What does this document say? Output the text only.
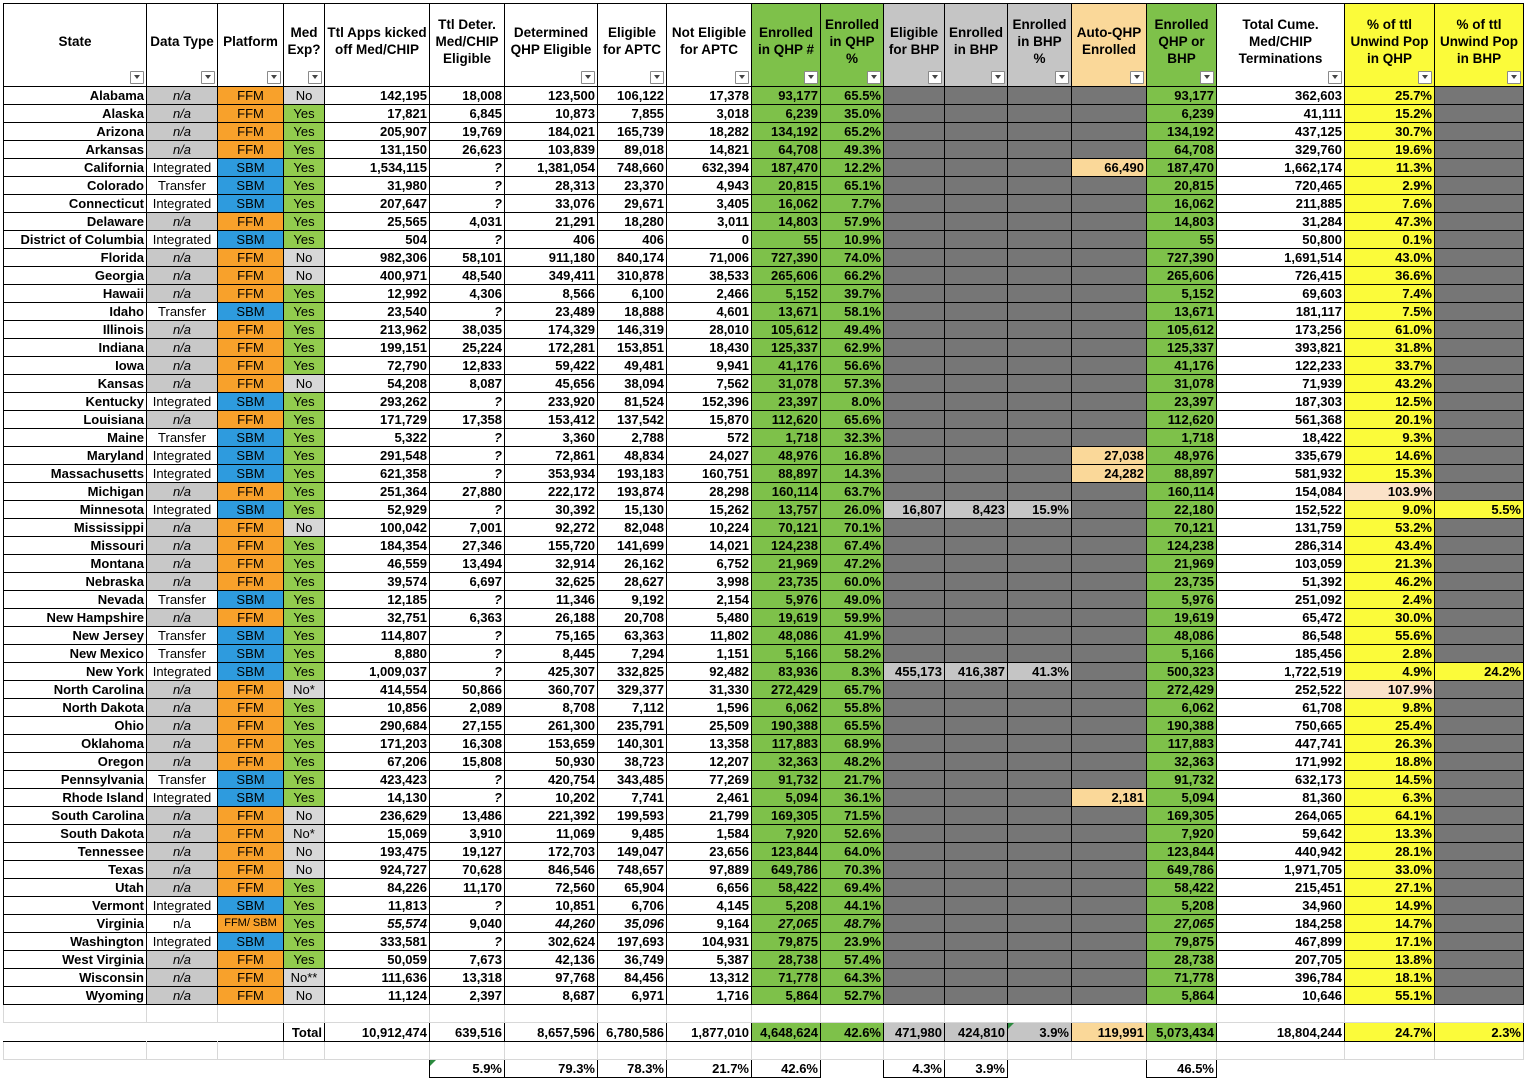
State	Data Type	Platform	Med Exp?	Ttl Apps kicked off Med/CHIP	Ttl Deter. Med/CHIP Eligible	Determined QHP Eligible	Eligible for APTC	Not Eligible for APTC	Enrolled in QHP #	Enrolled in QHP %	Eligible for BHP	Enrolled in BHP	Enrolled in BHP %	Auto-QHP Enrolled	Enrolled QHP or BHP	Total Cume. Med/CHIP Terminations	% of ttl Unwind Pop in QHP	% of ttl Unwind Pop in BHP

Alabama	n/a	FFM	No	142,195	18,008	123,500	106,122	17,378	93,177	65.5%					93,177	362,603	25.7%	
Alaska	n/a	FFM	Yes	17,821	6,845	10,873	7,855	3,018	6,239	35.0%					6,239	41,111	15.2%	
Arizona	n/a	FFM	Yes	205,907	19,769	184,021	165,739	18,282	134,192	65.2%					134,192	437,125	30.7%	
Arkansas	n/a	FFM	Yes	131,150	26,623	103,839	89,018	14,821	64,708	49.3%					64,708	329,760	19.6%	
California	Integrated	SBM	Yes	1,534,115	?	1,381,054	748,660	632,394	187,470	12.2%				66,490	187,470	1,662,174	11.3%	
Colorado	Transfer	SBM	Yes	31,980	?	28,313	23,370	4,943	20,815	65.1%					20,815	720,465	2.9%	
Connecticut	Integrated	SBM	Yes	207,647	?	33,076	29,671	3,405	16,062	7.7%					16,062	211,885	7.6%	
Delaware	n/a	FFM	Yes	25,565	4,031	21,291	18,280	3,011	14,803	57.9%					14,803	31,284	47.3%	
District of Columbia	Integrated	SBM	Yes	504	?	406	406	0	55	10.9%					55	50,800	0.1%	
Florida	n/a	FFM	No	982,306	58,101	911,180	840,174	71,006	727,390	74.0%					727,390	1,691,514	43.0%	
Georgia	n/a	FFM	No	400,971	48,540	349,411	310,878	38,533	265,606	66.2%					265,606	726,415	36.6%	
Hawaii	n/a	FFM	Yes	12,992	4,306	8,566	6,100	2,466	5,152	39.7%					5,152	69,603	7.4%	
Idaho	Transfer	SBM	Yes	23,540	?	23,489	18,888	4,601	13,671	58.1%					13,671	181,117	7.5%	
Illinois	n/a	FFM	Yes	213,962	38,035	174,329	146,319	28,010	105,612	49.4%					105,612	173,256	61.0%	
Indiana	n/a	FFM	Yes	199,151	25,224	172,281	153,851	18,430	125,337	62.9%					125,337	393,821	31.8%	
Iowa	n/a	FFM	Yes	72,790	12,833	59,422	49,481	9,941	41,176	56.6%					41,176	122,233	33.7%	
Kansas	n/a	FFM	No	54,208	8,087	45,656	38,094	7,562	31,078	57.3%					31,078	71,939	43.2%	
Kentucky	Integrated	SBM	Yes	293,262	?	233,920	81,524	152,396	23,397	8.0%					23,397	187,303	12.5%	
Louisiana	n/a	FFM	Yes	171,729	17,358	153,412	137,542	15,870	112,620	65.6%					112,620	561,368	20.1%	
Maine	Transfer	SBM	Yes	5,322	?	3,360	2,788	572	1,718	32.3%					1,718	18,422	9.3%	
Maryland	Integrated	SBM	Yes	291,548	?	72,861	48,834	24,027	48,976	16.8%				27,038	48,976	335,679	14.6%	
Massachusetts	Integrated	SBM	Yes	621,358	?	353,934	193,183	160,751	88,897	14.3%				24,282	88,897	581,932	15.3%	
Michigan	n/a	FFM	Yes	251,364	27,880	222,172	193,874	28,298	160,114	63.7%					160,114	154,084	103.9%	
Minnesota	Integrated	SBM	Yes	52,929	?	30,392	15,130	15,262	13,757	26.0%	16,807	8,423	15.9%		22,180	152,522	9.0%	5.5%
Mississippi	n/a	FFM	No	100,042	7,001	92,272	82,048	10,224	70,121	70.1%					70,121	131,759	53.2%	
Missouri	n/a	FFM	Yes	184,354	27,346	155,720	141,699	14,021	124,238	67.4%					124,238	286,314	43.4%	
Montana	n/a	FFM	Yes	46,559	13,494	32,914	26,162	6,752	21,969	47.2%					21,969	103,059	21.3%	
Nebraska	n/a	FFM	Yes	39,574	6,697	32,625	28,627	3,998	23,735	60.0%					23,735	51,392	46.2%	
Nevada	Transfer	SBM	Yes	12,185	?	11,346	9,192	2,154	5,976	49.0%					5,976	251,092	2.4%	
New Hampshire	n/a	FFM	Yes	32,751	6,363	26,188	20,708	5,480	19,619	59.9%					19,619	65,472	30.0%	
New Jersey	Transfer	SBM	Yes	114,807	?	75,165	63,363	11,802	48,086	41.9%					48,086	86,548	55.6%	
New Mexico	Transfer	SBM	Yes	8,880	?	8,445	7,294	1,151	5,166	58.2%					5,166	185,456	2.8%	
New York	Integrated	SBM	Yes	1,009,037	?	425,307	332,825	92,482	83,936	8.3%	455,173	416,387	41.3%		500,323	1,722,519	4.9%	24.2%
North Carolina	n/a	FFM	No*	414,554	50,866	360,707	329,377	31,330	272,429	65.7%					272,429	252,522	107.9%	
North Dakota	n/a	FFM	Yes	10,856	2,089	8,708	7,112	1,596	6,062	55.8%					6,062	61,708	9.8%	
Ohio	n/a	FFM	Yes	290,684	27,155	261,300	235,791	25,509	190,388	65.5%					190,388	750,665	25.4%	
Oklahoma	n/a	FFM	Yes	171,203	16,308	153,659	140,301	13,358	117,883	68.9%					117,883	447,741	26.3%	
Oregon	n/a	FFM	Yes	67,206	15,808	50,930	38,723	12,207	32,363	48.2%					32,363	171,992	18.8%	
Pennsylvania	Transfer	SBM	Yes	423,423	?	420,754	343,485	77,269	91,732	21.7%					91,732	632,173	14.5%	
Rhode Island	Integrated	SBM	Yes	14,130	?	10,202	7,741	2,461	5,094	36.1%				2,181	5,094	81,360	6.3%	
South Carolina	n/a	FFM	No	236,629	13,486	221,392	199,593	21,799	169,305	71.5%					169,305	264,065	64.1%	
South Dakota	n/a	FFM	No*	15,069	3,910	11,069	9,485	1,584	7,920	52.6%					7,920	59,642	13.3%	
Tennessee	n/a	FFM	No	193,475	19,127	172,703	149,047	23,656	123,844	64.0%					123,844	440,942	28.1%	
Texas	n/a	FFM	No	924,727	70,628	846,546	748,657	97,889	649,786	70.3%					649,786	1,971,705	33.0%	
Utah	n/a	FFM	Yes	84,226	11,170	72,560	65,904	6,656	58,422	69.4%					58,422	215,451	27.1%	
Vermont	Integrated	SBM	Yes	11,813	?	10,851	6,706	4,145	5,208	44.1%					5,208	34,960	14.9%	
Virginia	n/a	FFM/ SBM	Yes	55,574	9,040	44,260	35,096	9,164	27,065	48.7%					27,065	184,258	14.7%	
Washington	Integrated	SBM	Yes	333,581	?	302,624	197,693	104,931	79,875	23.9%					79,875	467,899	17.1%	
West Virginia	n/a	FFM	Yes	50,059	7,673	42,136	36,749	5,387	28,738	57.4%					28,738	207,705	13.8%	
Wisconsin	n/a	FFM	No**	111,636	13,318	97,768	84,456	13,312	71,778	64.3%					71,778	396,784	18.1%	
Wyoming	n/a	FFM	No	11,124	2,397	8,687	6,971	1,716	5,864	52.7%					5,864	10,646	55.1%	

			Total	10,912,474	639,516	8,657,596	6,780,586	1,877,010	4,648,624	42.6%	471,980	424,810	3.9%	119,991	5,073,434	18,804,244	24.7%	2.3%

					5.9%	79.3%	78.3%	21.7%	42.6%		4.3%	3.9%			46.5%			
